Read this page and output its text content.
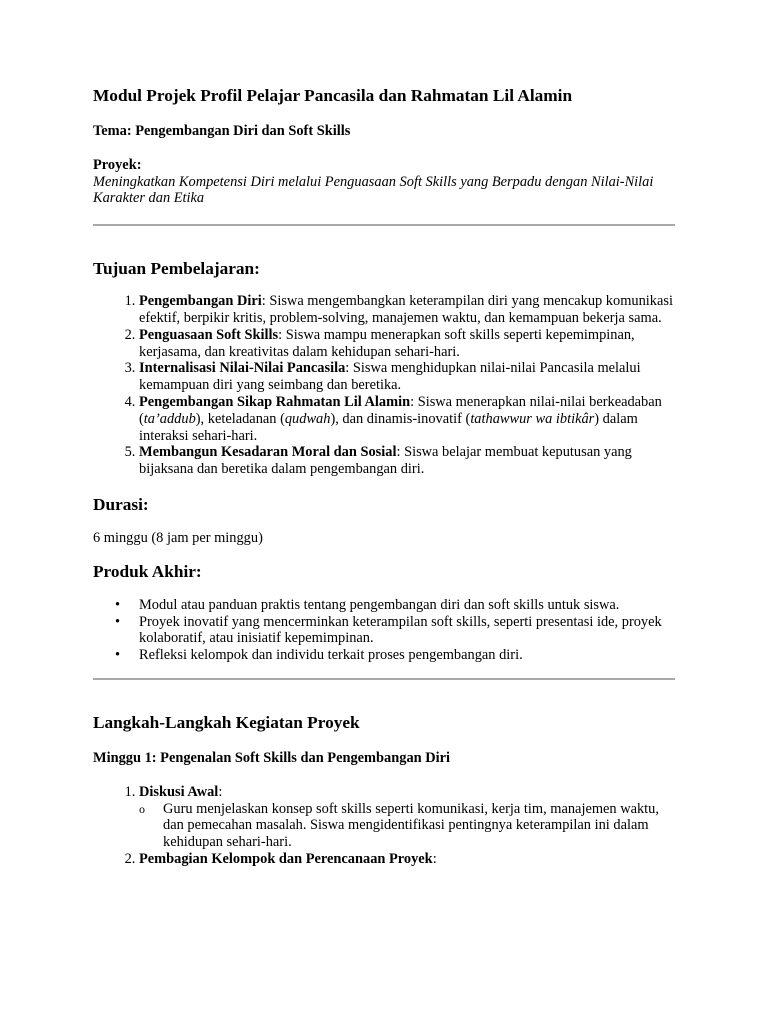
Modul Projek Profil Pelajar Pancasila dan Rahmatan Lil Alamin

Tema: Pengembangan Diri dan Soft Skills

Proyek:

Meningkatkan Kompetensi Diri melalui Penguasaan Soft Skills yang Berpadu dengan Nilai-Nilai Karakter dan Etika

Tujuan Pembelajaran:
1. Pengembangan Diri: Siswa mengembangkan keterampilan diri yang mencakup komunikasi efektif, berpikir kritis, problem-solving, manajemen waktu, dan kemampuan bekerja sama.
2. Penguasaan Soft Skills: Siswa mampu menerapkan soft skills seperti kepemimpinan, kerjasama, dan kreativitas dalam kehidupan sehari-hari.
3. Internalisasi Nilai-Nilai Pancasila: Siswa menghidupkan nilai-nilai Pancasila melalui kemampuan diri yang seimbang dan beretika.
4. Pengembangan Sikap Rahmatan Lil Alamin: Siswa menerapkan nilai-nilai berkeadaban (ta’addub), keteladanan (qudwah), dan dinamis-inovatif (tathawwur wa ibtikâr) dalam interaksi sehari-hari.
5. Membangun Kesadaran Moral dan Sosial: Siswa belajar membuat keputusan yang bijaksana dan beretika dalam pengembangan diri.
Durasi:

6 minggu (8 jam per minggu)

Produk Akhir:
• Modul atau panduan praktis tentang pengembangan diri dan soft skills untuk siswa.
• Proyek inovatif yang mencerminkan keterampilan soft skills, seperti presentasi ide, proyek kolaboratif, atau inisiatif kepemimpinan.
• Refleksi kelompok dan individu terkait proses pengembangan diri.
Langkah-Langkah Kegiatan Proyek
Minggu 1: Pengenalan Soft Skills dan Pengembangan Diri
1. Diskusi Awal:
o Guru menjelaskan konsep soft skills seperti komunikasi, kerja tim, manajemen waktu, dan pemecahan masalah. Siswa mengidentifikasi pentingnya keterampilan ini dalam kehidupan sehari-hari.
2. Pembagian Kelompok dan Perencanaan Proyek:
